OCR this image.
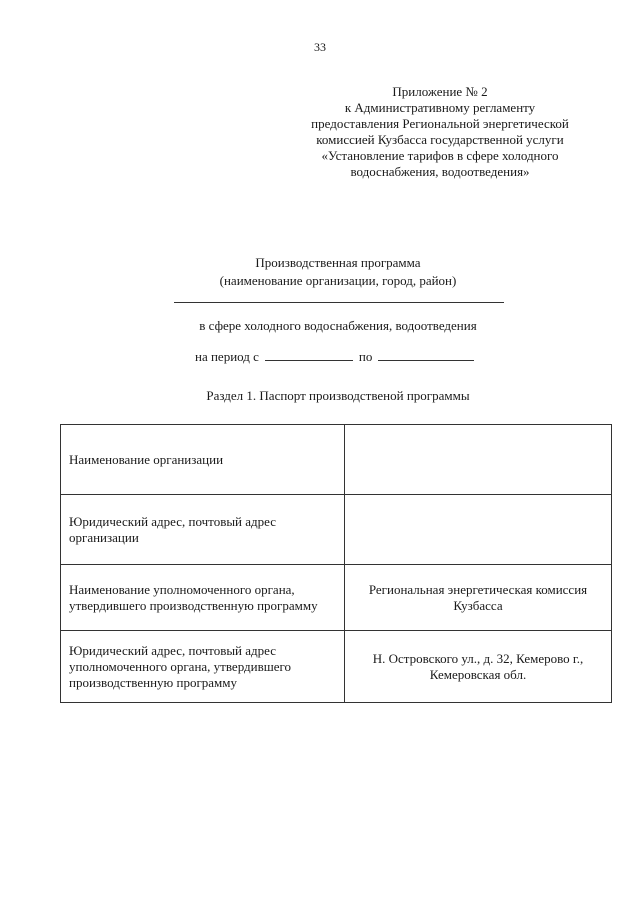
33
Приложение № 2
к Административному регламенту
предоставления Региональной энергетической
комиссией Кузбасса государственной услуги
«Установление тарифов в сфере холодного
водоснабжения, водоотведения»
Производственная программа
(наименование организации, город, район)
в сфере холодного водоснабжения, водоотведения
на период с	по
Раздел 1. Паспорт производственой программы
Наименование организации	
Юридический адрес, почтовый адрес организации	
Наименование уполномоченного органа, утвердившего производственную программу	Региональная энергетическая комиссия Кузбасса
Юридический адрес, почтовый адрес уполномоченного органа, утвердившего производственную программу	Н. Островского ул., д. 32, Кемерово г., Кемеровская обл.
